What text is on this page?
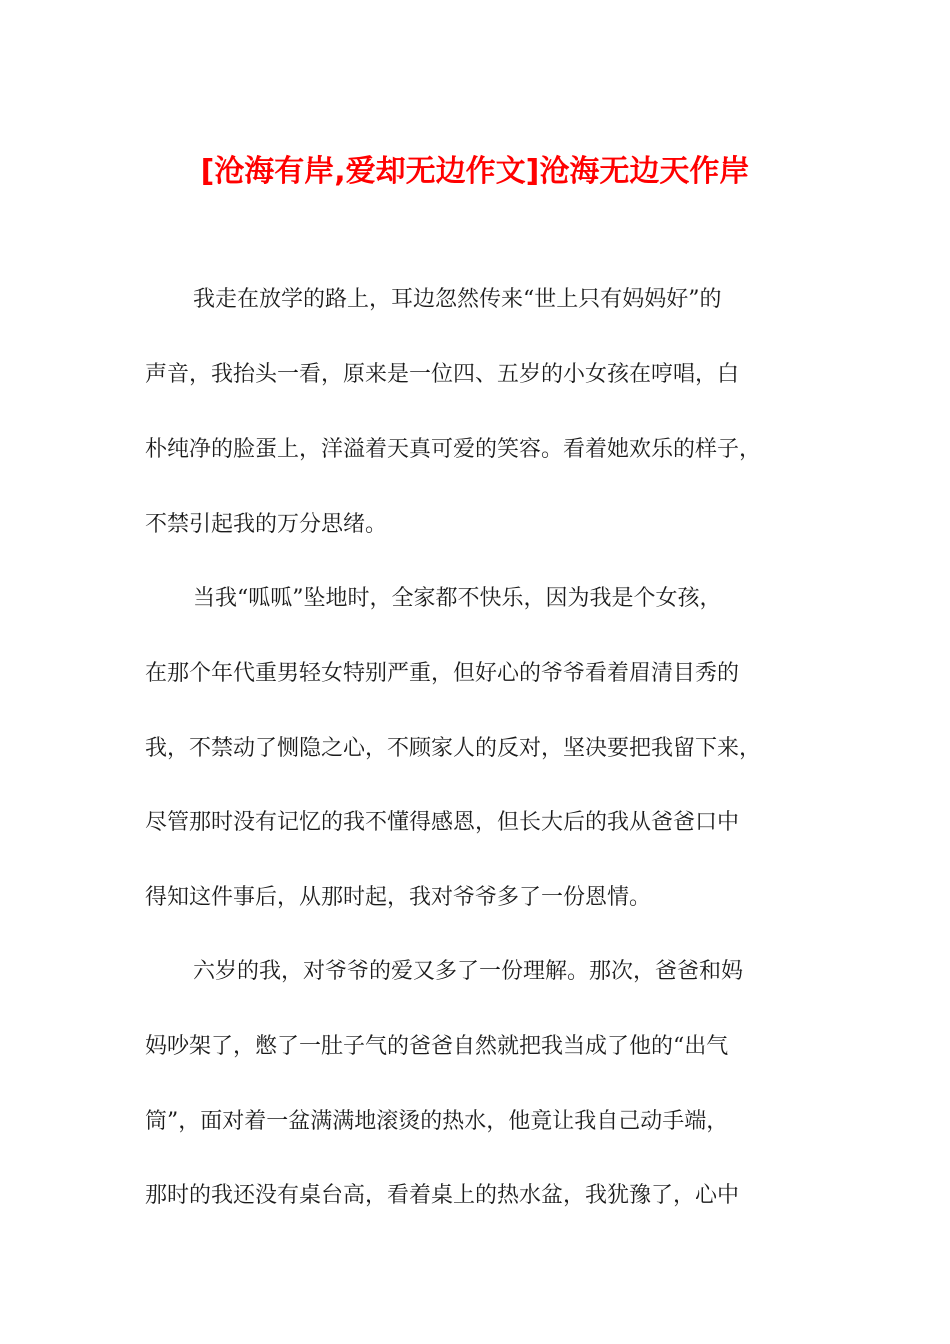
[沧海有岸,爱却无边作文]沧海无边天作岸
我走在放学的路上，耳边忽然传来“世上只有妈妈好”的
声音，我抬头一看，原来是一位四、五岁的小女孩在哼唱，白
朴纯净的脸蛋上，洋溢着天真可爱的笑容。看着她欢乐的样子，
不禁引起我的万分思绪。
当我“呱呱”坠地时，全家都不快乐，因为我是个女孩，
在那个年代重男轻女特别严重，但好心的爷爷看着眉清目秀的
我，不禁动了恻隐之心，不顾家人的反对，坚决要把我留下来，
尽管那时没有记忆的我不懂得感恩，但长大后的我从爸爸口中
得知这件事后，从那时起，我对爷爷多了一份恩情。
六岁的我，对爷爷的爱又多了一份理解。那次，爸爸和妈
妈吵架了，憋了一肚子气的爸爸自然就把我当成了他的“出气
筒”，面对着一盆满满地滚烫的热水，他竟让我自己动手端，
那时的我还没有桌台高，看着桌上的热水盆，我犹豫了，心中
